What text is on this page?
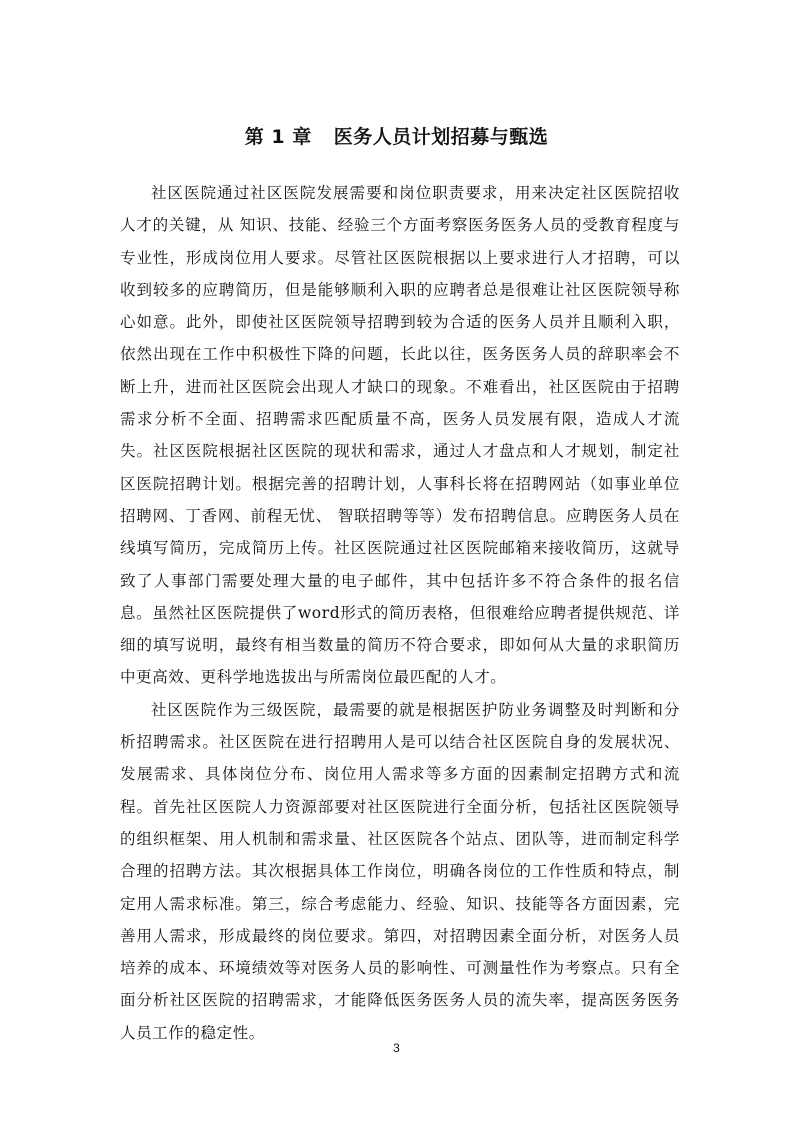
第 1 章 医务人员计划招募与甄选

社区医院通过社区医院发展需要和岗位职责要求，用来决定社区医院招收人才的关键，从 知识、技能、经验三个方面考察医务医务人员的受教育程度与专业性，形成岗位用人要求。尽管社区医院根据以上要求进行人才招聘，可以收到较多的应聘简历，但是能够顺利入职的应聘者总是很难让社区医院领导称心如意。此外，即使社区医院领导招聘到较为合适的医务人员并且顺利入职，依然出现在工作中积极性下降的问题，长此以往，医务医务人员的辞职率会不断上升，进而社区医院会出现人才缺口的现象。不难看出，社区医院由于招聘需求分析不全面、招聘需求匹配质量不高，医务人员发展有限，造成人才流失。社区医院根据社区医院的现状和需求，通过人才盘点和人才规划，制定社区医院招聘计划。根据完善的招聘计划，人事科长将在招聘网站（如事业单位招聘网、丁香网、前程无忧、 智联招聘等等）发布招聘信息。应聘医务人员在线填写简历，完成简历上传。社区医院通过社区医院邮箱来接收简历，这就导致了人事部门需要处理大量的电子邮件，其中包括许多不符合条件的报名信息。虽然社区医院提供了word形式的简历表格，但很难给应聘者提供规范、详细的填写说明，最终有相当数量的简历不符合要求，即如何从大量的求职简历中更高效、更科学地选拔出与所需岗位最匹配的人才。

社区医院作为三级医院，最需要的就是根据医护防业务调整及时判断和分析招聘需求。社区医院在进行招聘用人是可以结合社区医院自身的发展状况、发展需求、具体岗位分布、岗位用人需求等多方面的因素制定招聘方式和流程。首先社区医院人力资源部要对社区医院进行全面分析，包括社区医院领导的组织框架、用人机制和需求量、社区医院各个站点、团队等，进而制定科学合理的招聘方法。其次根据具体工作岗位，明确各岗位的工作性质和特点，制定用人需求标准。第三，综合考虑能力、经验、知识、技能等各方面因素，完善用人需求，形成最终的岗位要求。第四，对招聘因素全面分析，对医务人员培养的成本、环境绩效等对医务人员的影响性、可测量性作为考察点。只有全面分析社区医院的招聘需求，才能降低医务医务人员的流失率，提高医务医务人员工作的稳定性。

3
